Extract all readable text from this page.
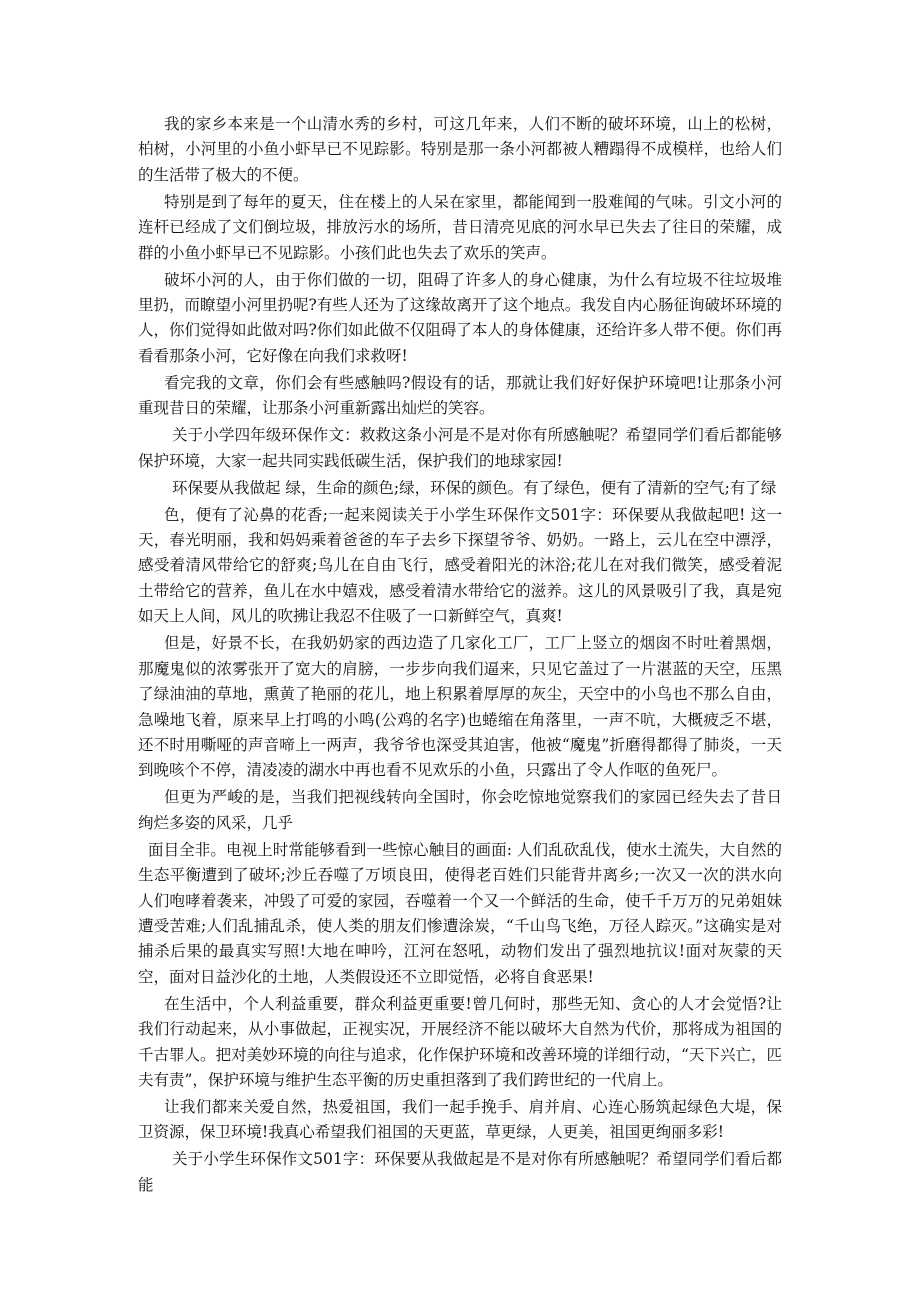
我的家乡本来是一个山清水秀的乡村，可这几年来，人们不断的破坏环境，山上的松树，柏树，小河里的小鱼小虾早已不见踪影。特别是那一条小河都被人糟蹋得不成模样，也给人们的生活带了极大的不便。

特别是到了每年的夏天，住在楼上的人呆在家里，都能闻到一股难闻的气味。引文小河的连杆已经成了文们倒垃圾，排放污水的场所，昔日清亮见底的河水早已失去了往日的荣耀，成群的小鱼小虾早已不见踪影。小孩们此也失去了欢乐的笑声。

破坏小河的人，由于你们做的一切，阻碍了许多人的身心健康，为什么有垃圾不往垃圾堆里扔，而瞭望小河里扔呢?有些人还为了这缘故离开了这个地点。我发自内心肠征询破坏环境的人，你们觉得如此做对吗?你们如此做不仅阻碍了本人的身体健康，还给许多人带不便。你们再看看那条小河，它好像在向我们求救呀!

看完我的文章，你们会有些感触吗?假设有的话，那就让我们好好保护环境吧!让那条小河重现昔日的荣耀，让那条小河重新露出灿烂的笑容。

关于小学四年级环保作文：救救这条小河是不是对你有所感触呢？希望同学们看后都能够保护环境，大家一起共同实践低碳生活，保护我们的地球家园!

环保要从我做起 绿，生命的颜色;绿，环保的颜色。有了绿色，便有了清新的空气;有了绿

色，便有了沁鼻的花香;一起来阅读关于小学生环保作文501字：环保要从我做起吧! 这一天，春光明丽，我和妈妈乘着爸爸的车子去乡下探望爷爷、奶奶。一路上，云儿在空中漂浮，感受着清风带给它的舒爽;鸟儿在自由飞行，感受着阳光的沐浴;花儿在对我们微笑，感受着泥土带给它的营养，鱼儿在水中嬉戏，感受着清水带给它的滋养。这儿的风景吸引了我，真是宛如天上人间，风儿的吹拂让我忍不住吸了一口新鲜空气，真爽!

但是，好景不长，在我奶奶家的西边造了几家化工厂，工厂上竖立的烟囱不时吐着黑烟，那魔鬼似的浓雾张开了宽大的肩膀，一步步向我们逼来，只见它盖过了一片湛蓝的天空，压黑了绿油油的草地，熏黄了艳丽的花儿，地上积累着厚厚的灰尘，天空中的小鸟也不那么自由，急噪地飞着，原来早上打鸣的小鸣(公鸡的名字)也蜷缩在角落里，一声不吭，大概疲乏不堪，还不时用嘶哑的声音啼上一两声，我爷爷也深受其迫害，他被“魔鬼”折磨得都得了肺炎，一天到晚咳个不停，清凌凌的湖水中再也看不见欢乐的小鱼，只露出了令人作呕的鱼死尸。

但更为严峻的是，当我们把视线转向全国时，你会吃惊地觉察我们的家园已经失去了昔日绚烂多姿的风采，几乎

面目全非。电视上时常能够看到一些惊心触目的画面: 人们乱砍乱伐，使水土流失，大自然的生态平衡遭到了破坏;沙丘吞噬了万顷良田，使得老百姓们只能背井离乡;一次又一次的洪水向人们咆哮着袭来，冲毁了可爱的家园，吞噬着一个又一个鲜活的生命，使千千万万的兄弟姐妹遭受苦难;人们乱捕乱杀，使人类的朋友们惨遭涂炭，“千山鸟飞绝，万径人踪灭。”这确实是对捕杀后果的最真实写照!大地在呻吟，江河在怒吼，动物们发出了强烈地抗议!面对灰蒙的天空，面对日益沙化的土地，人类假设还不立即觉悟，必将自食恶果!

在生活中，个人利益重要，群众利益更重要!曾几何时，那些无知、贪心的人才会觉悟?让我们行动起来，从小事做起，正视实况，开展经济不能以破坏大自然为代价，那将成为祖国的千古罪人。把对美妙环境的向往与追求，化作保护环境和改善环境的详细行动，“天下兴亡，匹夫有责”，保护环境与维护生态平衡的历史重担落到了我们跨世纪的一代肩上。

让我们都来关爱自然，热爱祖国，我们一起手挽手、肩并肩、心连心肠筑起绿色大堤，保卫资源，保卫环境!我真心希望我们祖国的天更蓝，草更绿，人更美，祖国更绚丽多彩!

关于小学生环保作文501字：环保要从我做起是不是对你有所感触呢？希望同学们看后都能
